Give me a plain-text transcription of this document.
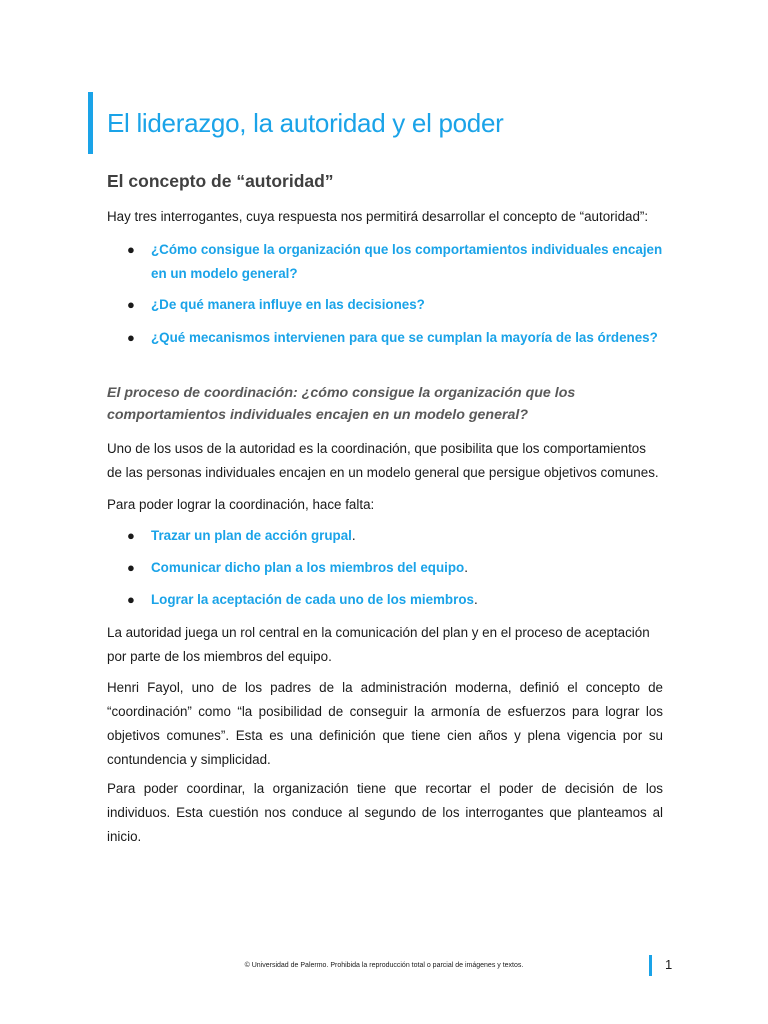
El liderazgo, la autoridad y el poder
El concepto de “autoridad”

Hay tres interrogantes, cuya respuesta nos permitirá desarrollar el concepto de “autoridad”:

● ¿Cómo consigue la organización que los comportamientos individuales encajen en un modelo general?
● ¿De qué manera influye en las decisiones?
● ¿Qué mecanismos intervienen para que se cumplan la mayoría de las órdenes?
El proceso de coordinación: ¿cómo consigue la organización que los comportamientos individuales encajen en un modelo general?

Uno de los usos de la autoridad es la coordinación, que posibilita que los comportamientos de las personas individuales encajen en un modelo general que persigue objetivos comunes.

Para poder lograr la coordinación, hace falta:

● Trazar un plan de acción grupal.
● Comunicar dicho plan a los miembros del equipo.
● Lograr la aceptación de cada uno de los miembros.

La autoridad juega un rol central en la comunicación del plan y en el proceso de aceptación por parte de los miembros del equipo.

Henri Fayol, uno de los padres de la administración moderna, definió el concepto de “coordinación” como “la posibilidad de conseguir la armonía de esfuerzos para lograr los objetivos comunes”. Esta es una definición que tiene cien años y plena vigencia por su contundencia y simplicidad.

Para poder coordinar, la organización tiene que recortar el poder de decisión de los individuos. Esta cuestión nos conduce al segundo de los interrogantes que planteamos al inicio.

© Universidad de Palermo. Prohibida la reproducción total o parcial de imágenes y textos.	1
